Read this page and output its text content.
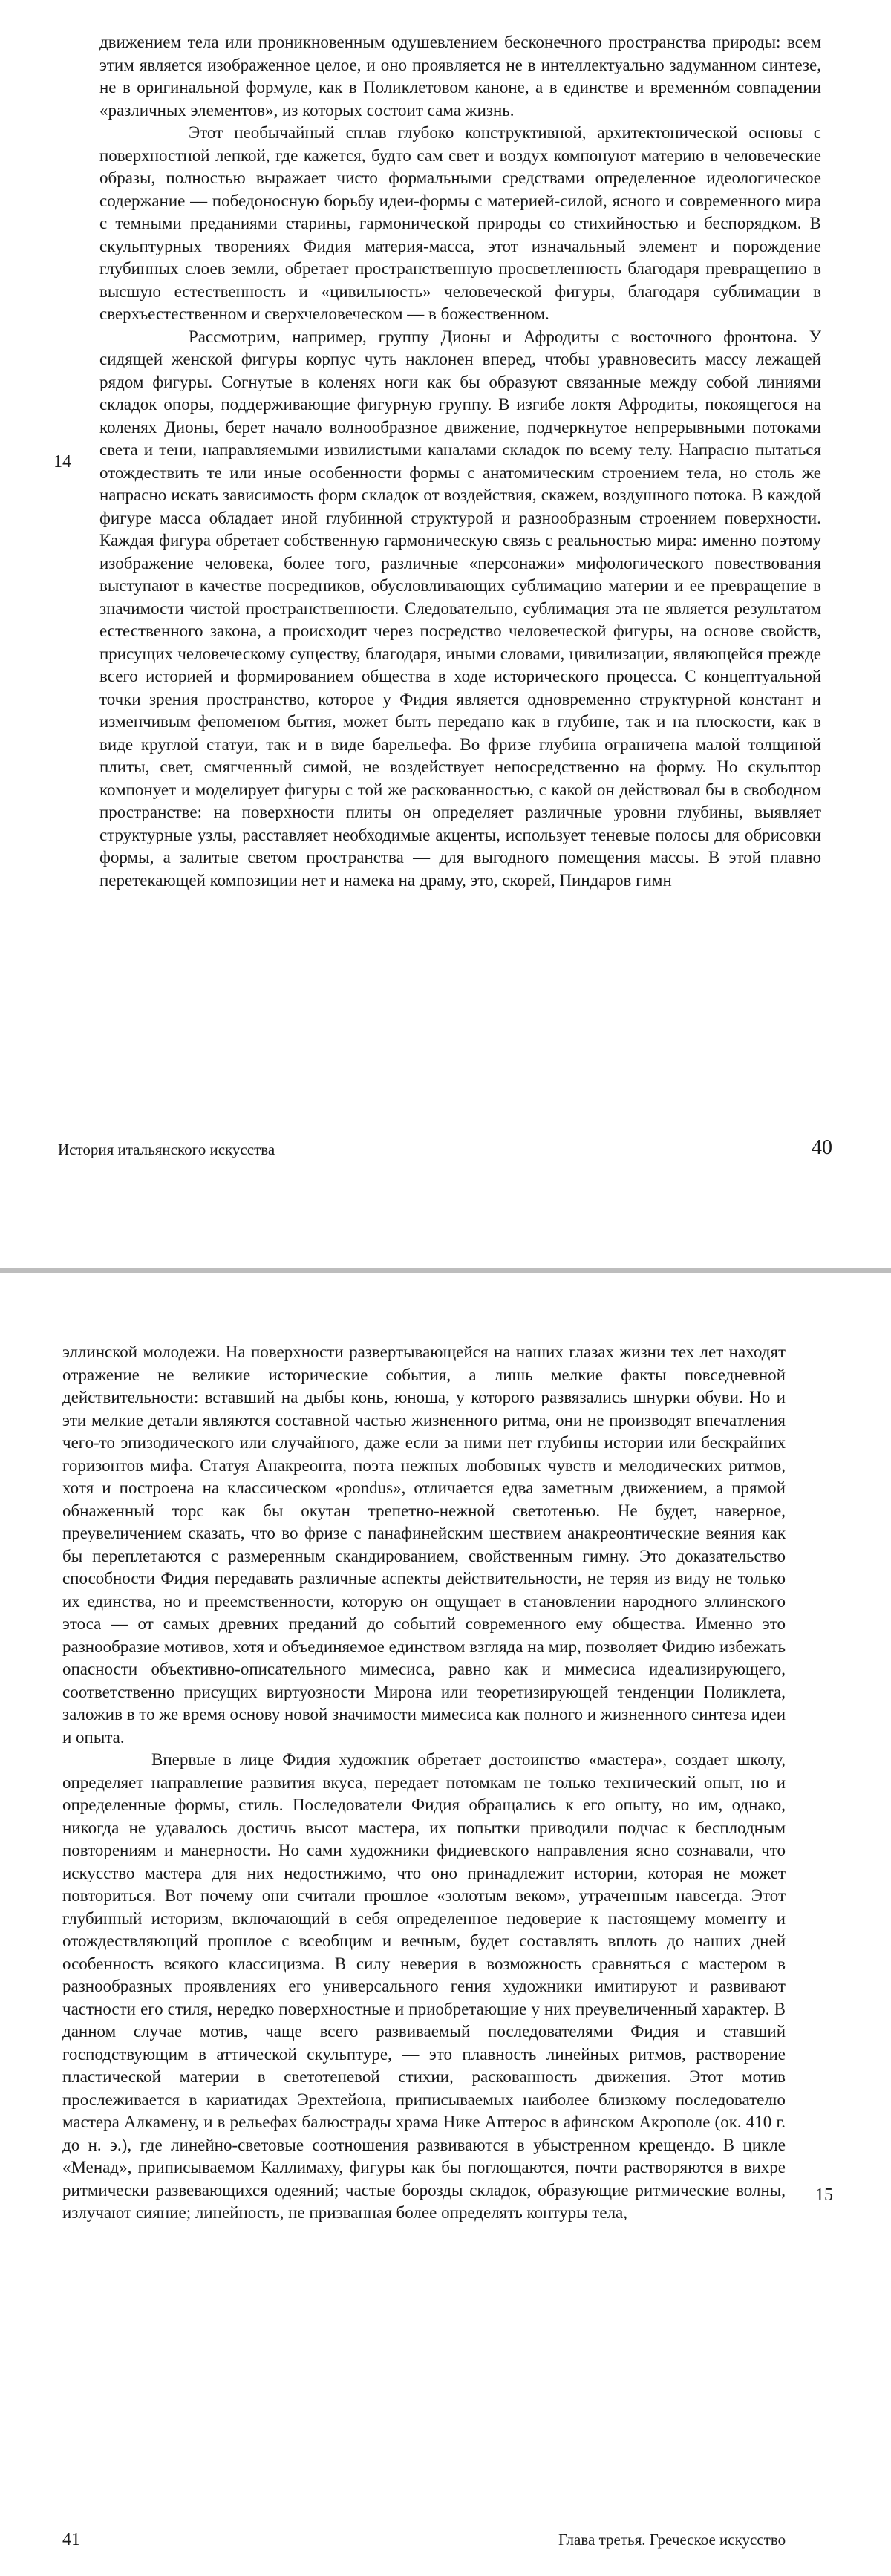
движением тела или проникновенным одушевлением бесконечного пространства природы: всем этим является изображенное целое, и оно проявляется не в интеллектуально задуманном синтезе, не в оригинальной формуле, как в Поликлетовом каноне, а в единстве и временнóм совпадении «различных элементов», из которых состоит сама жизнь.

Этот необычайный сплав глубоко конструктивной, архитектонической основы с поверхностной лепкой, где кажется, будто сам свет и воздух компонуют материю в человеческие образы, полностью выражает чисто формальными средствами определенное идеологическое содержание — победоносную борьбу идеи-формы с материей-силой, ясного и современного мира с темными преданиями старины, гармонической природы со стихийностью и беспорядком. В скульптурных творениях Фидия материя-масса, этот изначальный элемент и порождение глубинных слоев земли, обретает пространственную просветленность благодаря превращению в высшую естественность и «цивильность» человеческой фигуры, благодаря сублимации в сверхъестественном и сверхчеловеческом — в божественном.

Рассмотрим, например, группу Дионы и Афродиты с восточного фронтона. У сидящей женской фигуры корпус чуть наклонен вперед, чтобы уравновесить массу лежащей рядом фигуры. Согнутые в коленях ноги как бы образуют связанные между собой линиями складок опоры, поддерживающие фигурную группу. В изгибе локтя Афродиты, покоящегося на коленях Дионы, берет начало волнообразное движение, подчеркнутое непрерывными потоками света и тени, направляемыми извилистыми каналами складок по всему телу. Напрасно пытаться отождествить те или иные особенности формы с анатомическим строением тела, но столь же напрасно искать зависимость форм складок от воздействия, скажем, воздушного потока. В каждой фигуре масса обладает иной глубинной структурой и разнообразным строением поверхности. Каждая фигура обретает собственную гармоническую связь с реальностью мира: именно поэтому изображение человека, более того, различные «персонажи» мифологического повествования выступают в качестве посредников, обусловливающих сублимацию материи и ее превращение в значимости чистой пространственности. Следовательно, сублимация эта не является результатом естественного закона, а происходит через посредство человеческой фигуры, на основе свойств, присущих человеческому существу, благодаря, иными словами, цивилизации, являющейся прежде всего историей и формированием общества в ходе исторического процесса. С концептуальной точки зрения пространство, которое у Фидия является одновременно структурной констант и изменчивым феноменом бытия, может быть передано как в глубине, так и на плоскости, как в виде круглой статуи, так и в виде барельефа. Во фризе глубина ограничена малой толщиной плиты, свет, смягченный симой, не воздействует непосредственно на форму. Но скульптор компонует и моделирует фигуры с той же раскованностью, с какой он действовал бы в свободном пространстве: на поверхности плиты он определяет различные уровни глубины, выявляет структурные узлы, расставляет необходимые акценты, использует теневые полосы для обрисовки формы, а залитые светом пространства — для выгодного помещения массы. В этой плавно перетекающей композиции нет и намека на драму, это, скорей, Пиндаров гимн

14
История итальянского искусства	40

эллинской молодежи. На поверхности развертывающейся на наших глазах жизни тех лет находят отражение не великие исторические события, а лишь мелкие факты повседневной действительности: вставший на дыбы конь, юноша, у которого развязались шнурки обуви. Но и эти мелкие детали являются составной частью жизненного ритма, они не производят впечатления чего-то эпизодического или случайного, даже если за ними нет глубины истории или бескрайних горизонтов мифа. Статуя Анакреонта, поэта нежных любовных чувств и мелодических ритмов, хотя и построена на классическом «pondus», отличается едва заметным движением, а прямой обнаженный торс как бы окутан трепетно-нежной светотенью. Не будет, наверное, преувеличением сказать, что во фризе с панафинейским шествием анакреонтические веяния как бы переплетаются с размеренным скандированием, свойственным гимну. Это доказательство способности Фидия передавать различные аспекты действительности, не теряя из виду не только их единства, но и преемственности, которую он ощущает в становлении народного эллинского этоса — от самых древних преданий до событий современного ему общества. Именно это разнообразие мотивов, хотя и объединяемое единством взгляда на мир, позволяет Фидию избежать опасности объективно-описательного мимесиса, равно как и мимесиса идеализирующего, соответственно присущих виртуозности Мирона или теоретизирующей тенденции Поликлета, заложив в то же время основу новой значимости мимесиса как полного и жизненного синтеза идеи и опыта.

Впервые в лице Фидия художник обретает достоинство «мастера», создает школу, определяет направление развития вкуса, передает потомкам не только технический опыт, но и определенные формы, стиль. Последователи Фидия обращались к его опыту, но им, однако, никогда не удавалось достичь высот мастера, их попытки приводили подчас к бесплодным повторениям и манерности. Но сами художники фидиевского направления ясно сознавали, что искусство мастера для них недостижимо, что оно принадлежит истории, которая не может повториться. Вот почему они считали прошлое «золотым веком», утраченным навсегда. Этот глубинный историзм, включающий в себя определенное недоверие к настоящему моменту и отождествляющий прошлое с всеобщим и вечным, будет составлять вплоть до наших дней особенность всякого классицизма. В силу неверия в возможность сравняться с мастером в разнообразных проявлениях его универсального гения художники имитируют и развивают частности его стиля, нередко поверхностные и приобретающие у них преувеличенный характер. В данном случае мотив, чаще всего развиваемый последователями Фидия и ставший господствующим в аттической скульптуре, — это плавность линейных ритмов, растворение пластической материи в светотеневой стихии, раскованность движения. Этот мотив прослеживается в кариатидах Эрехтейона, приписываемых наиболее близкому последователю мастера Алкамену, и в рельефах балюстрады храма Нике Аптерос в афинском Акрополе (ок. 410 г. до н. э.), где линейно-световые соотношения развиваются в убыстренном крещендо. В цикле «Менад», приписываемом Каллимаху, фигуры как бы поглощаются, почти растворяются в вихре ритмически развевающихся одеяний; частые борозды складок, образующие ритмические волны, излучают сияние; линейность, не призванная более определять контуры тела,

15
41	Глава третья. Греческое искусство
